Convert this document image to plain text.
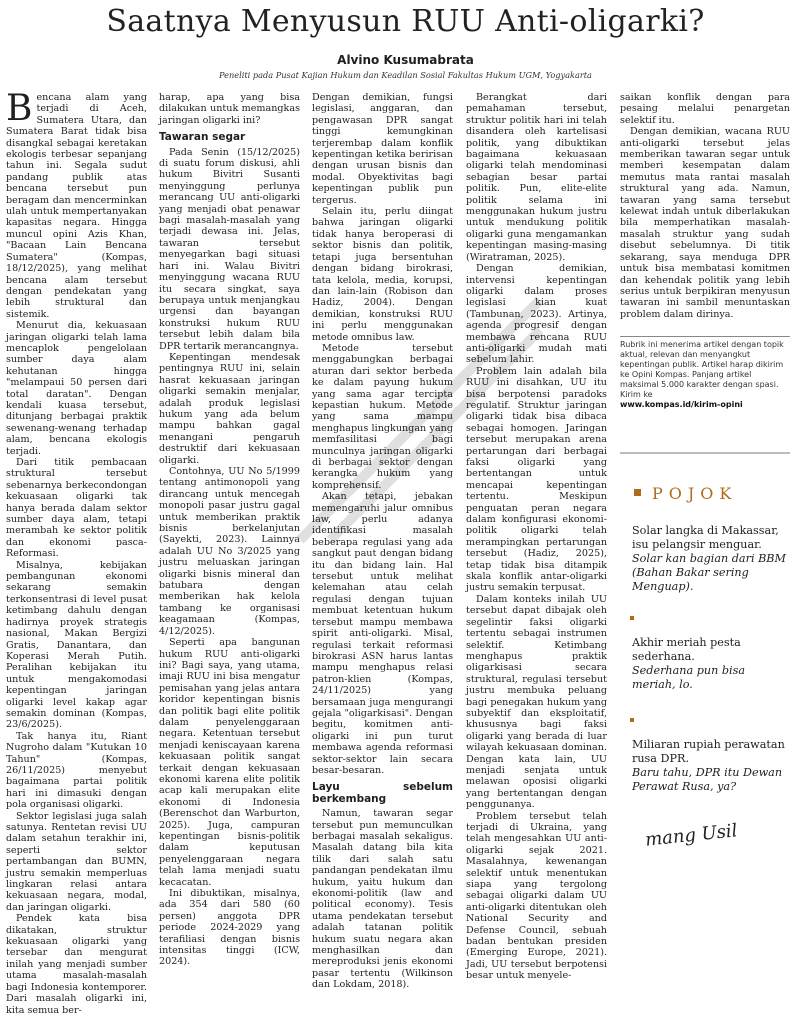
Saatnya Menyusun RUU Anti-oligarki?
Alvino Kusumabrata
Peneliti pada Pusat Kajian Hukum dan Keadilan Sosial Fakultas Hukum UGM, Yogyakarta

Bencana alam yang terjadi di Aceh, Sumatera Utara, dan Sumatera Barat tidak bisa disangkal sebagai keretakan ekologis terbesar sepanjang tahun ini. Segala sudut pandang publik atas bencana tersebut pun beragam dan mencerminkan ulah untuk mempertanyakan kapasitas negara. Hingga muncul opini Azis Khan, "Bacaan Lain Bencana Sumatera" (Kompas, 18/12/2025), yang melihat bencana alam tersebut dengan pendekatan yang lebih struktural dan sistemik.

Menurut dia, kekuasaan jaringan oligarki telah lama mencaplok pengelolaan sumber daya alam kehutanan hingga "melampaui 50 persen dari total daratan". Dengan kendali kuasa tersebut, ditunjang berbagai praktik sewenang-wenang terhadap alam, bencana ekologis terjadi.

Dari titik pembacaan struktural tersebut sebenarnya berkecondongan kekuasaan oligarki tak hanya berada dalam sektor sumber daya alam, tetapi merambah ke sektor politik dan ekonomi pasca-Reformasi.

Misalnya, kebijakan pembangunan ekonomi sekarang semakin terkonsentrasi di level pusat ketimbang dahulu dengan hadirnya proyek strategis nasional, Makan Bergizi Gratis, Danantara, dan Koperasi Merah Putih. Peralihan kebijakan itu untuk mengakomodasi kepentingan jaringan oligarki level kakap agar semakin dominan (Kompas, 23/6/2025).

Tak hanya itu, Riant Nugroho dalam "Kutukan 10 Tahun" (Kompas, 26/11/2025) menyebut bagaimana partai politik hari ini dimasuki dengan pola organisasi oligarki.

Sektor legislasi juga salah satunya. Rentetan revisi UU dalam setahun terakhir ini, seperti sektor pertambangan dan BUMN, justru semakin memperluas lingkaran relasi antara kekuasaan negara, modal, dan jaringan oligarki.

Pendek kata bisa dikatakan, struktur kekuasaan oligarki yang tersebar dan mengurat inilah yang menjadi sumber utama masalah-masalah bagi Indonesia kontemporer. Dari masalah oligarki ini, kita semua ber-

harap, apa yang bisa dilakukan untuk memangkas jaringan oligarki ini?

Tawaran segar

Pada Senin (15/12/2025) di suatu forum diskusi, ahli hukum Bivitri Susanti menyinggung perlunya merancang UU anti-oligarki yang menjadi obat penawar bagi masalah-masalah yang terjadi dewasa ini. Jelas, tawaran tersebut menyegarkan bagi situasi hari ini. Walau Bivitri menyinggung wacana RUU itu secara singkat, saya berupaya untuk menjangkau urgensi dan bayangan konstruksi hukum RUU tersebut lebih dalam bila DPR tertarik merancangnya.

Kepentingan mendesak pentingnya RUU ini, selain hasrat kekuasaan jaringan oligarki semakin menjalar, adalah produk legislasi hukum yang ada belum mampu bahkan gagal menangani pengaruh destruktif dari kekuasaan oligarki.

Contohnya, UU No 5/1999 tentang antimonopoli yang dirancang untuk mencegah monopoli pasar justru gagal untuk memberikan praktik bisnis berkelanjutan (Sayekti, 2023). Lainnya adalah UU No 3/2025 yang justru meluaskan jaringan oligarki bisnis mineral dan batubara dengan memberikan hak kelola tambang ke organisasi keagamaan (Kompas, 4/12/2025).

Seperti apa bangunan hukum RUU anti-oligarki ini? Bagi saya, yang utama, imaji RUU ini bisa mengatur pemisahan yang jelas antara koridor kepentingan bisnis dan politik bagi elite politik dalam penyelenggaraan negara. Ketentuan tersebut menjadi keniscayaan karena kekuasaan politik sangat terkait dengan kekuasaan ekonomi karena elite politik acap kali merupakan elite ekonomi di Indonesia (Berenschot dan Warburton, 2025). Juga, campuran kepentingan bisnis-politik dalam keputusan penyelenggaraan negara telah lama menjadi suatu kecacatan.

Ini dibuktikan, misalnya, ada 354 dari 580 (60 persen) anggota DPR periode 2024-2029 yang terafiliasi dengan bisnis intensitas tinggi (ICW, 2024).

Dengan demikian, fungsi legislasi, anggaran, dan pengawasan DPR sangat tinggi kemungkinan terjerembap dalam konflik kepentingan ketika beririsan dengan urusan bisnis dan modal. Obyektivitas bagi kepentingan publik pun tergerus.

Selain itu, perlu diingat bahwa jaringan oligarki tidak hanya beroperasi di sektor bisnis dan politik, tetapi juga bersentuhan dengan bidang birokrasi, tata kelola, media, korupsi, dan lain-lain (Robison dan Hadiz, 2004). Dengan demikian, konstruksi RUU ini perlu menggunakan metode omnibus law.

Metode tersebut menggabungkan berbagai aturan dari sektor berbeda ke dalam payung hukum yang sama agar tercipta kepastian hukum. Metode yang sama mampu menghapus lingkungan yang memfasilitasi bagi munculnya jaringan oligarki di berbagai sektor dengan kerangka hukum yang komprehensif.

Akan tetapi, jebakan memengaruhi jalur omnibus law, perlu adanya identifikasi masalah beberapa regulasi yang ada sangkut paut dengan bidang itu dan bidang lain. Hal tersebut untuk melihat kelemahan atau celah regulasi dengan tujuan membuat ketentuan hukum tersebut mampu membawa spirit anti-oligarki. Misal, regulasi terkait reformasi birokrasi ASN harus lantas mampu menghapus relasi patron-klien (Kompas, 24/11/2025) yang bersamaan juga mengurangi gejala "oligarkisasi". Dengan begitu, komitmen anti-oligarki ini pun turut membawa agenda reformasi sektor-sektor lain secara besar-besaran.

Layu sebelum berkembang

Namun, tawaran segar tersebut pun memunculkan berbagai masalah sekaligus. Masalah datang bila kita tilik dari salah satu pandangan pendekatan ilmu hukum, yaitu hukum dan ekonomi-politik (law and political economy). Tesis utama pendekatan tersebut adalah tatanan politik hukum suatu negara akan menghasilkan dan mereproduksi jenis ekonomi pasar tertentu (Wilkinson dan Lokdam, 2018).

Berangkat dari pemahaman tersebut, struktur politik hari ini telah disandera oleh kartelisasi politik, yang dibuktikan bagaimana kekuasaan oligarki telah mendominasi sebagian besar partai politik. Pun, elite-elite politik selama ini menggunakan hukum justru untuk mendukung politik oligarki guna mengamankan kepentingan masing-masing (Wiratraman, 2025).

Dengan demikian, intervensi kepentingan oligarki dalam proses legislasi kian kuat (Tambunan, 2023). Artinya, agenda progresif dengan membawa rencana RUU anti-oligarki mudah mati sebelum lahir.

Problem lain adalah bila RUU ini disahkan, UU itu bisa berpotensi paradoks regulatif. Struktur jaringan oligarki tidak bisa dibaca sebagai homogen. Jaringan tersebut merupakan arena pertarungan dari berbagai faksi oligarki yang bertentangan untuk mencapai kepentingan tertentu. Meskipun penguatan peran negara dalam konfigurasi ekonomi-politik oligarki telah merampingkan pertarungan tersebut (Hadiz, 2025), tetap tidak bisa ditampik skala konflik antar-oligarki justru semakin terpusat.

Dalam konteks inilah UU tersebut dapat dibajak oleh segelintir faksi oligarki tertentu sebagai instrumen selektif. Ketimbang menghapus praktik oligarkisasi secara struktural, regulasi tersebut justru membuka peluang bagi penegakan hukum yang subyektif dan eksploitatif, khususnya bagi faksi oligarki yang berada di luar wilayah kekuasaan dominan. Dengan kata lain, UU menjadi senjata untuk melawan oposisi oligarki yang bertentangan dengan penggunanya.

Problem tersebut telah terjadi di Ukraina, yang telah mengesahkan UU anti-oligarki sejak 2021. Masalahnya, kewenangan selektif untuk menentukan siapa yang tergolong sebagai oligarki dalam UU anti-oligarki ditentukan oleh National Security and Defense Council, sebuah badan bentukan presiden (Emerging Europe, 2021). Jadi, UU tersebut berpotensi besar untuk menyele-

saikan konflik dengan para pesaing melalui penargetan selektif itu.

Dengan demikian, wacana RUU anti-oligarki tersebut jelas memberikan tawaran segar untuk memberi kesempatan dalam memutus mata rantai masalah struktural yang ada. Namun, tawaran yang sama tersebut kelewat indah untuk diberlakukan bila memperhatikan masalah-masalah struktur yang sudah disebut sebelumnya. Di titik sekarang, saya menduga DPR untuk bisa membatasi komitmen dan kehendak politik yang lebih serius untuk berpikiran menyusun tawaran ini sambil menuntaskan problem dalam dirinya.

Rubrik ini menerima artikel dengan topik aktual, relevan dan menyangkut kepentingan publik. Artikel harap dikirim ke Opini Kompas. Panjang artikel maksimal 5.000 karakter dengan spasi. Kirim ke
www.kompas.id/kirim-opini
POJOK
Solar langka di Makassar, isu pelangsir menguar.
Solar kan bagian dari BBM (Bahan Bakar sering Menguap).
Akhir meriah pesta sederhana.
Sederhana pun bisa meriah, lo.
Miliaran rupiah perawatan rusa DPR.
Baru tahu, DPR itu Dewan Perawat Rusa, ya?
mang Usil
